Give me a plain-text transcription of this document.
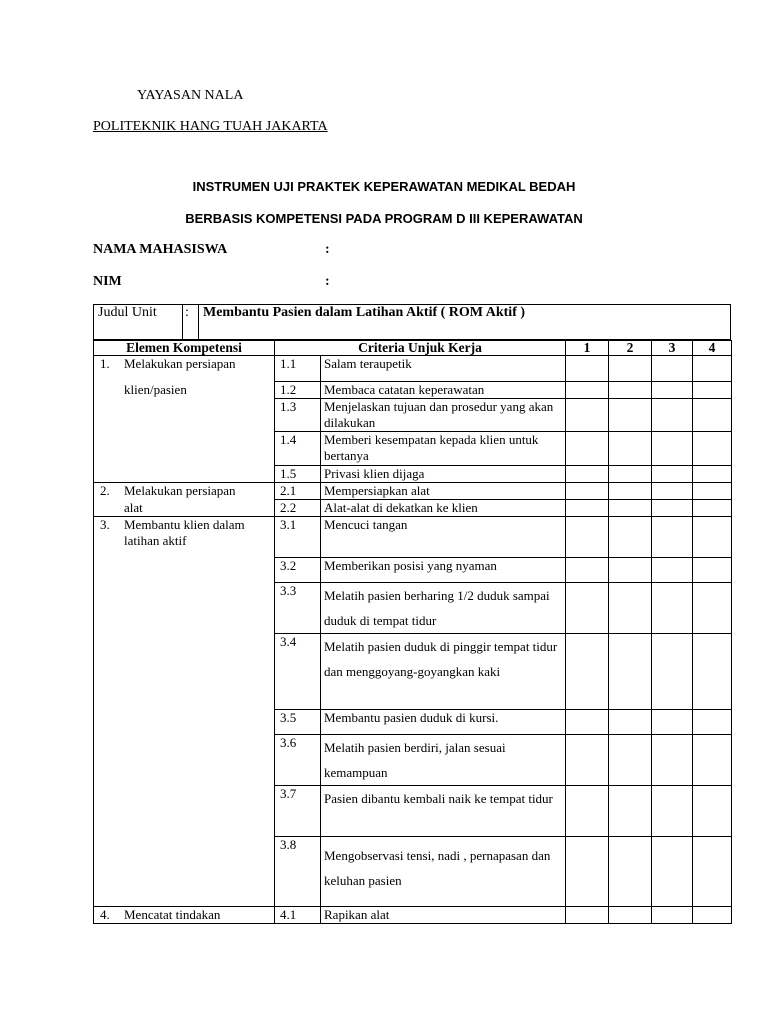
YAYASAN NALA
POLITEKNIK HANG TUAH JAKARTA
INSTRUMEN UJI PRAKTEK KEPERAWATAN MEDIKAL BEDAH
BERBASIS KOMPETENSI PADA PROGRAM D III KEPERAWATAN
NAMA MAHASISWA	:
NIM	:
Judul Unit	:	Membantu Pasien dalam Latihan Aktif ( ROM Aktif )
Elemen Kompetensi	Criteria Unjuk Kerja		1	2	3	4

1. Melakukan persiapan	1.1	Salam teraupetik				

klien/pasien	1.2	Membaca catatan keperawatan				
	1.3	Menjelaskan tujuan dan prosedur yang akan dilakukan				
	1.4	Memberi kesempatan kepada klien untuk bertanya				
	1.5	Privasi klien dijaga				

2. Melakukan persiapan	2.1	Mempersiapkan alat				

alat	2.2	Alat-alat di dekatkan ke klien				

3. Membantu klien dalam
latihan aktif	3.1	Mencuci tangan				
	3.2	Memberikan posisi yang nyaman				
	3.3	Melatih pasien berharing 1/2 duduk sampai duduk di tempat tidur				
	3.4	Melatih pasien duduk di pinggir tempat tidur dan menggoyang-goyangkan kaki				
	3.5	Membantu pasien duduk di kursi.				
	3.6	Melatih pasien berdiri, jalan sesuai kemampuan				
	3.7	Pasien dibantu kembali naik ke tempat tidur				
	3.8	Mengobservasi tensi, nadi , pernapasan dan keluhan pasien				

4. Mencatat tindakan	4.1	Rapikan alat				
